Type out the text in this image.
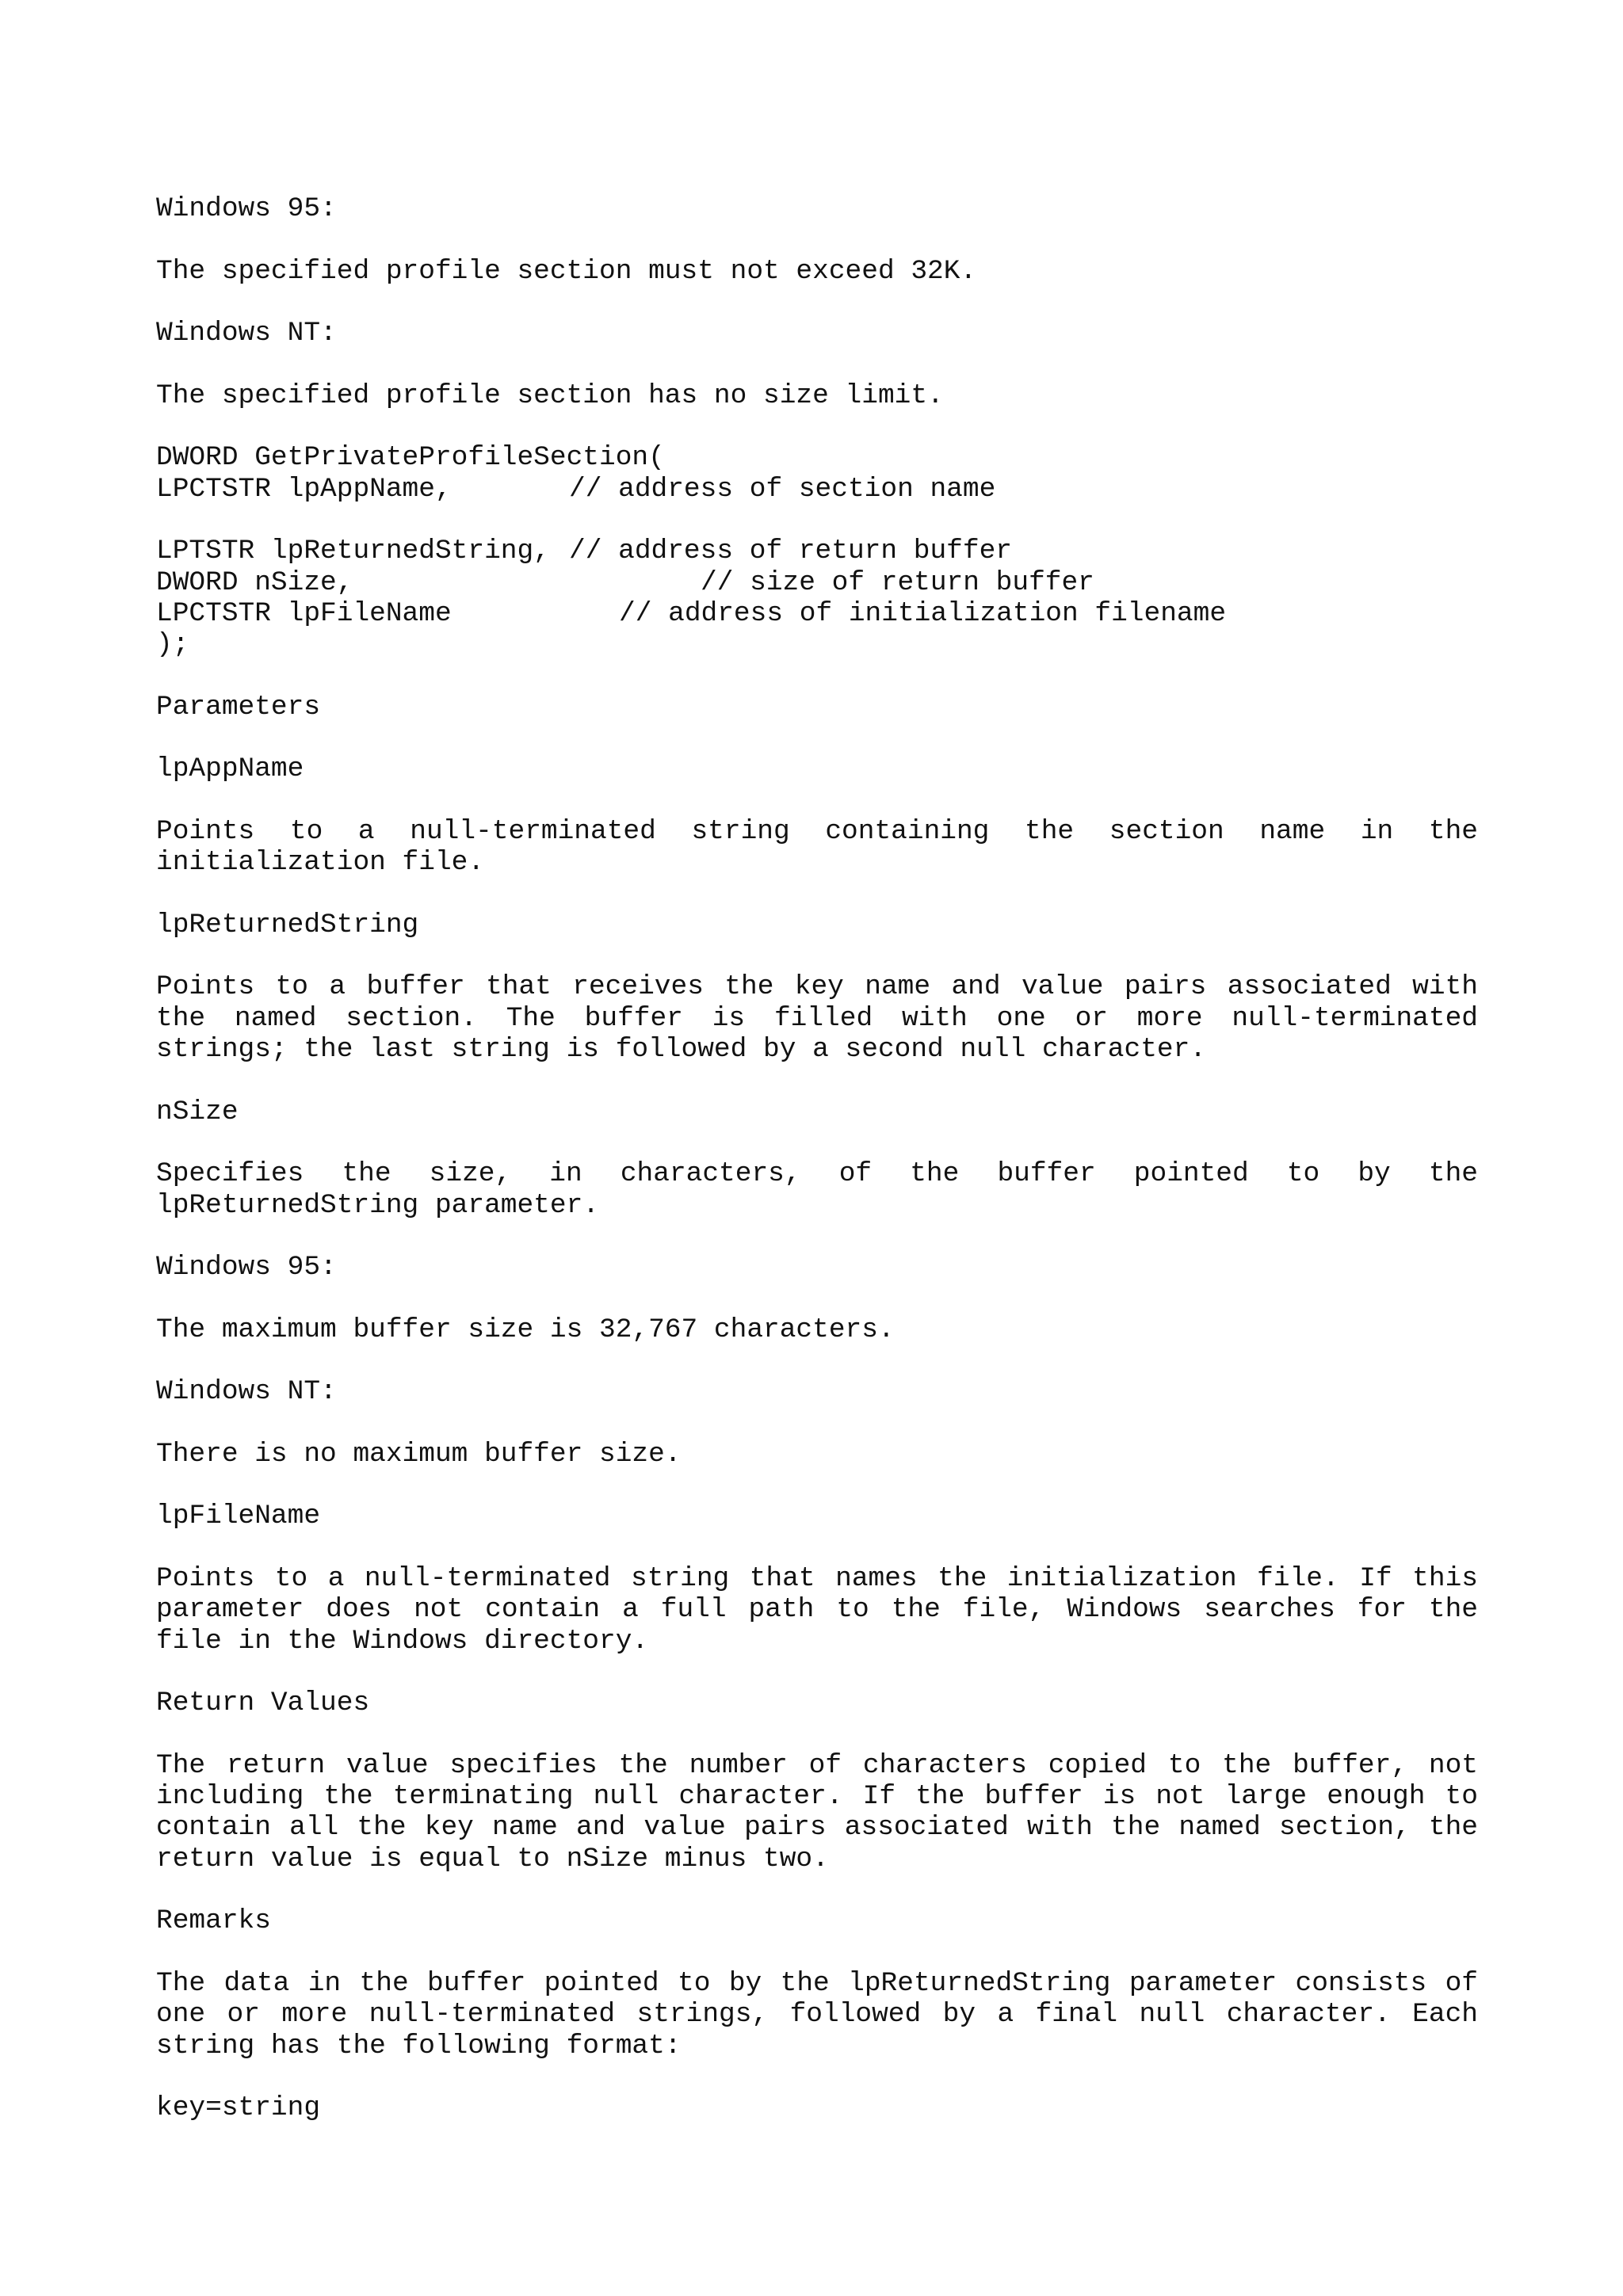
Windows 95:
The specified profile section must not exceed 32K.
Windows NT:
The specified profile section has no size limit.
DWORD GetPrivateProfileSection(
LPCTSTR lpAppName,	// address of section name
LPTSTR lpReturnedString, // address of return buffer
DWORD nSize,	// size of return buffer
LPCTSTR lpFileName	// address of initialization filename
);
Parameters
lpAppName
Points to a null-terminated string containing the section name in the
initialization file.
lpReturnedString
Points to a buffer that receives the key name and value pairs associated with
the named section. The buffer is filled with one or more null-terminated
strings; the last string is followed by a second null character.
nSize
Specifies the size, in characters, of the buffer pointed to by the
lpReturnedString parameter.
Windows 95:
The maximum buffer size is 32,767 characters.
Windows NT:
There is no maximum buffer size.
lpFileName
Points to a null-terminated string that names the initialization file. If this
parameter does not contain a full path to the file, Windows searches for the
file in the Windows directory.
Return Values
The return value specifies the number of characters copied to the buffer, not
including the terminating null character. If the buffer is not large enough to
contain all the key name and value pairs associated with the named section, the
return value is equal to nSize minus two.
Remarks
The data in the buffer pointed to by the lpReturnedString parameter consists of
one or more null-terminated strings, followed by a final null character. Each
string has the following format:
key=string
